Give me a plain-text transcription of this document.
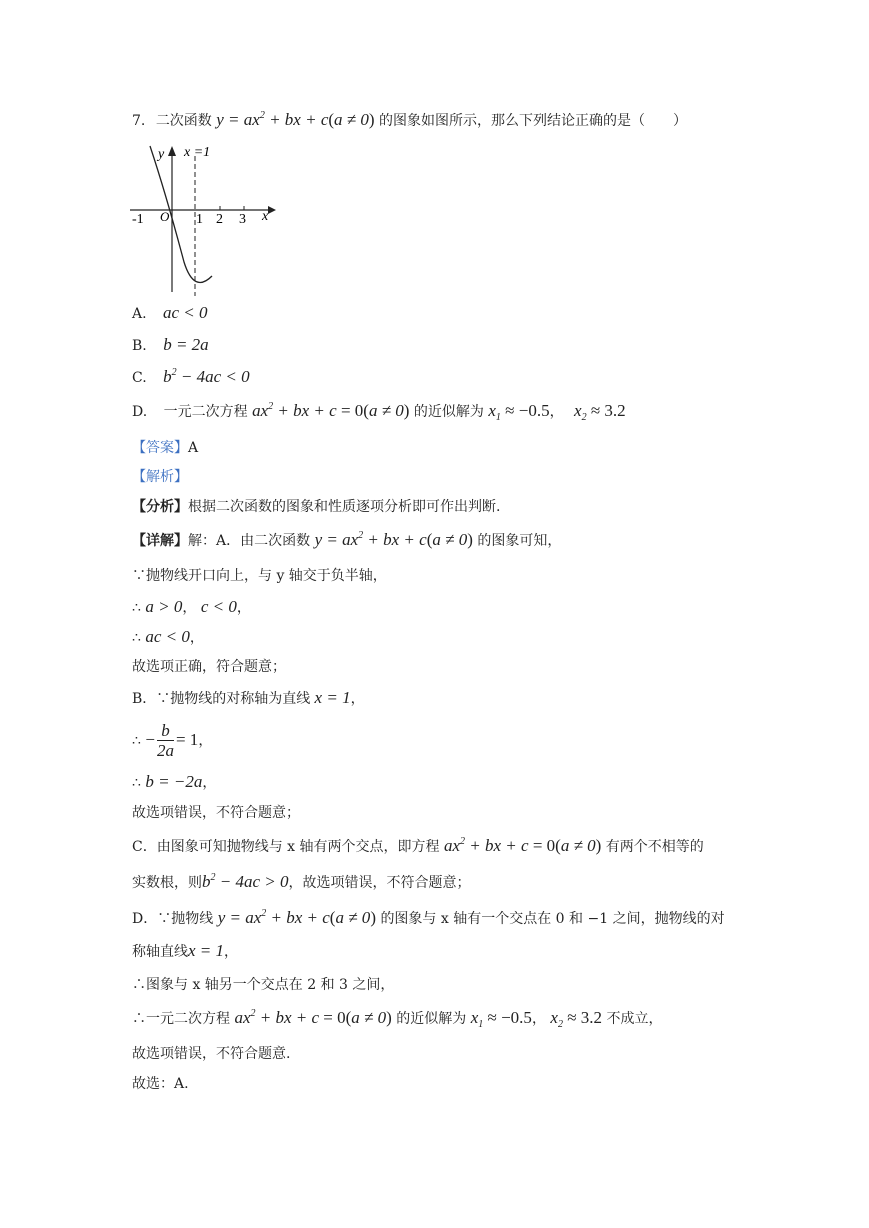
7. 二次函数 $y = ax^2$ + bx + c(a ≠ 0) 的图象如图所示，那么下列结论正确的是（　　）
y
x
O
x =1
-1	1 2 3
A. ac < 0
B. b = 2a
C. $b^2 - 4ac < 0$
D. 一元二次方程 $ax^2$ + bx + c = 0(a ≠ 0) 的近似解为 $x_1 \approx -0.5$， $x_2 \approx 3.2$
【答案】A
【解析】
【分析】根据二次函数的图象和性质逐项分析即可作出判断.
【详解】解：A．由二次函数 $y = ax^2$ + bx + c(a ≠ 0) 的图象可知，
∵抛物线开口向上，与 y 轴交于负半轴，
∴ a > 0， c < 0，
∴ ac < 0，
故选项正确，符合题意；
B．∵抛物线的对称轴为直线 x = 1，
∴ − $\frac{b}{2a} = 1$，
∴ b = −2a，
故选项错误，不符合题意；
C．由图象可知抛物线与 x 轴有两个交点，即方程 $ax^2$ + bx + c = 0(a ≠ 0) 有两个不相等的
实数根，则$b^2 - 4ac > 0$，故选项错误，不符合题意；
D．∵抛物线 $y = ax^2$ + bx + c(a ≠ 0) 的图象与 x 轴有一个交点在 0 和 −1 之间，抛物线的对
称轴直线x = 1，
∴图象与 x 轴另一个交点在 2 和 3 之间，
∴一元二次方程 $ax^2$ + bx + c = 0(a ≠ 0) 的近似解为 $x_1 \approx -0.5$， $x_2 \approx 3.2$ 不成立，
故选项错误，不符合题意.
故选：A.
